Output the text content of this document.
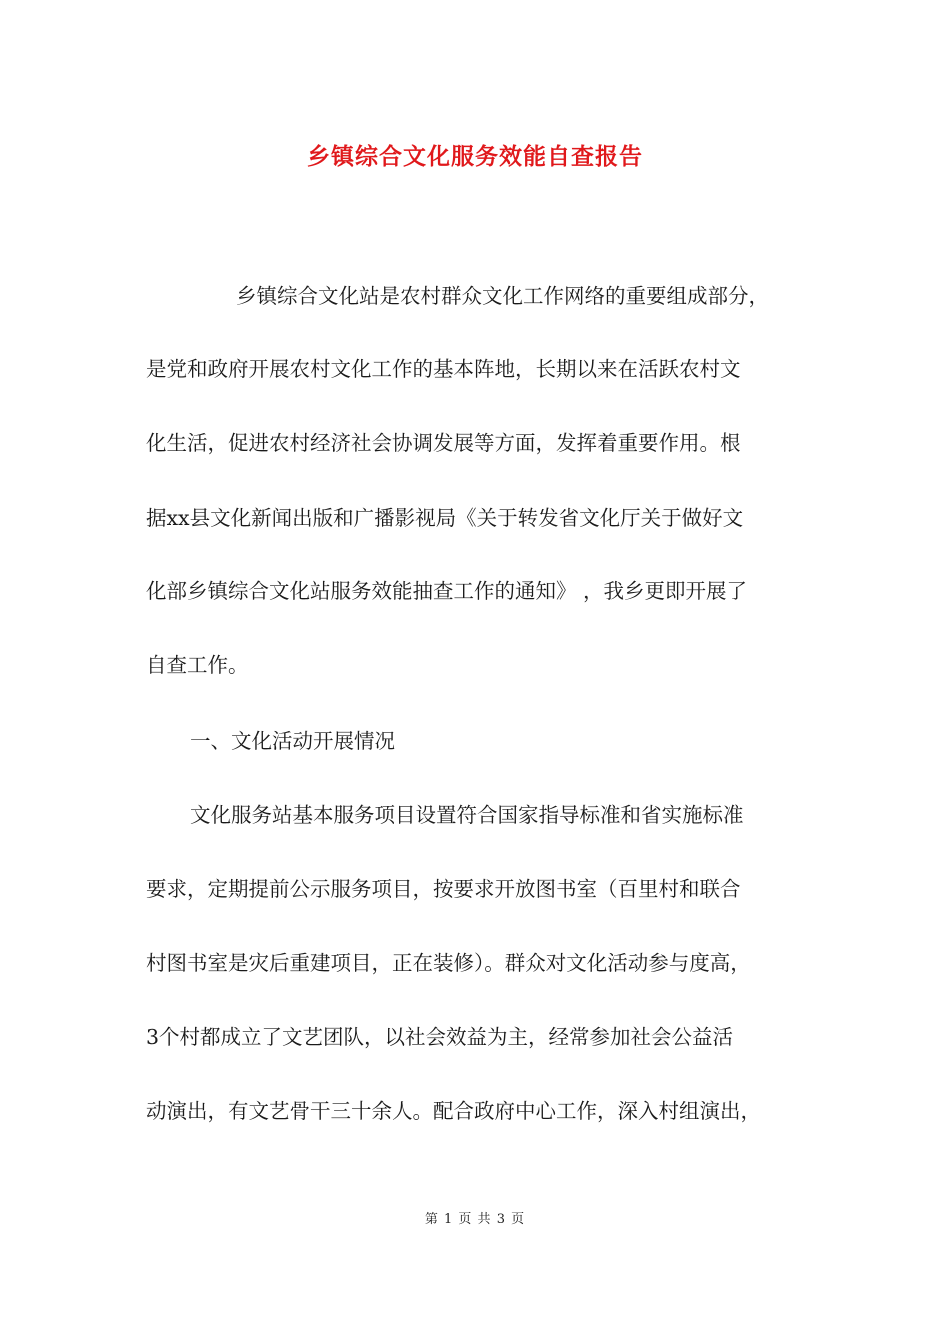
乡镇综合文化服务效能自查报告
乡镇综合文化站是农村群众文化工作网络的重要组成部分，
是党和政府开展农村文化工作的基本阵地，长期以来在活跃农村文
化生活，促进农村经济社会协调发展等方面，发挥着重要作用。根
据xx县文化新闻出版和广播影视局《关于转发省文化厅关于做好文
化部乡镇综合文化站服务效能抽查工作的通知》 ，我乡更即开展了
自查工作。
一、文化活动开展情况
文化服务站基本服务项目设置符合国家指导标准和省实施标准
要求，定期提前公示服务项目，按要求开放图书室（百里村和联合
村图书室是灾后重建项目，正在装修）。群众对文化活动参与度高，
3个村都成立了文艺团队，以社会效益为主，经常参加社会公益活
动演出，有文艺骨干三十余人。配合政府中心工作，深入村组演出，
第 1 页 共 3 页
